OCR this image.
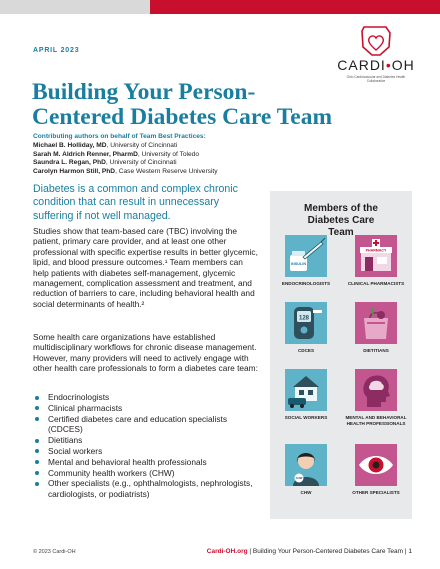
APRIL 2023
CARDI•OH
Ohio Cardiovascular and Diabetes Health Collaborative
Building Your Person-Centered Diabetes Care Team
Contributing authors on behalf of Team Best Practices:
Michael B. Holliday, MD, University of Cincinnati
Sarah M. Aldrich Renner, PharmD, University of Toledo
Saundra L. Regan, PhD, University of Cincinnati
Carolyn Harmon Still, PhD, Case Western Reserve University
Diabetes is a common and complex chronic condition that can result in unnecessary suffering if not well managed.
Studies show that team-based care (TBC) involving the patient, primary care provider, and at least one other professional with specific expertise results in better glycemic, lipid, and blood pressure outcomes.¹ Team members can help patients with diabetes self-management, glycemic management, complication assessment and treatment, and reduction of barriers to care, including behavioral health and social determinants of health.²
Some health care organizations have established multidisciplinary workflows for chronic disease management. However, many providers will need to actively engage with other health care professionals to form a diabetes care team:
Endocrinologists
Clinical pharmacists
Certified diabetes care and education specialists (CDCES)
Dietitians
Social workers
Mental and behavioral health professionals
Community health workers (CHW)
Other specialists (e.g., ophthalmologists, nephrologists, cardiologists, or podiatrists)
Members of the Diabetes Care Team
INSULIN
ENDOCRINOLOGISTS
PHARMACY
CLINICAL PHARMACISTS
128
CDCES	DIETITIANS
SOCIAL WORKERS	MENTAL AND BEHAVIORAL HEALTH PROFESSIONALS
CHW
CHW	OTHER SPECIALISTS
© 2023 Cardi-OH	Cardi-OH.org | Building Your Person-Centered Diabetes Care Team | 1
